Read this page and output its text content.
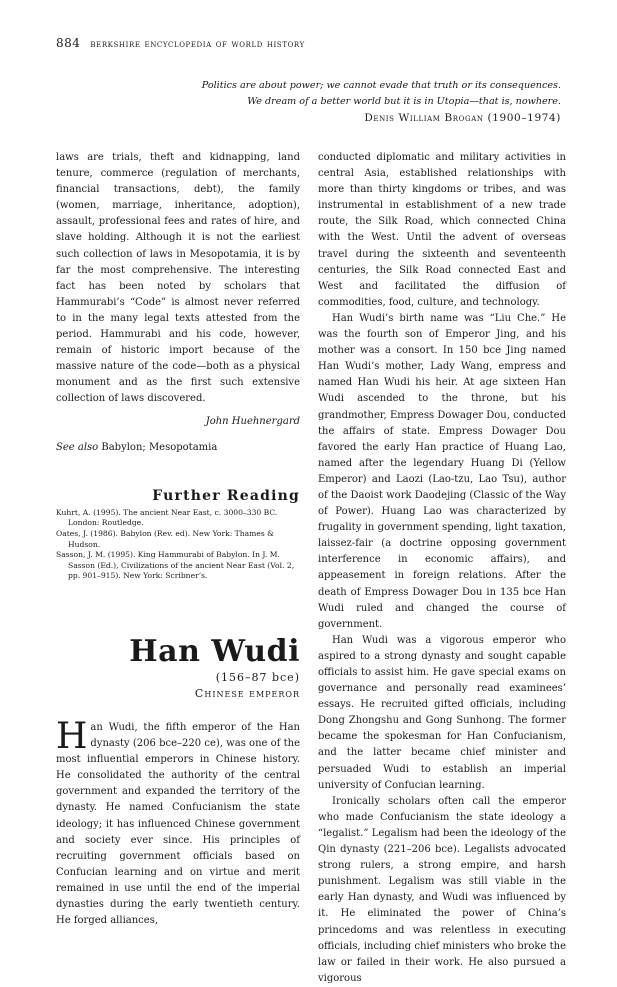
884 berkshire encyclopedia of world history
Politics are about power; we cannot evade that truth or its consequences.
We dream of a better world but it is in Utopia—that is, nowhere.
Denis William Brogan (1900–1974)

laws are trials, theft and kidnapping, land tenure, commerce (regulation of merchants, financial transactions, debt), the family (women, marriage, inheritance, adoption), assault, professional fees and rates of hire, and slave holding. Although it is not the earliest such collection of laws in Mesopotamia, it is by far the most comprehensive. The interesting fact has been noted by scholars that Hammurabi’s “Code” is almost never referred to in the many legal texts attested from the period. Hammurabi and his code, however, remain of historic import because of the massive nature of the code—both as a physical monument and as the first such extensive collection of laws discovered.

John Huehnergard

See also Babylon; Mesopotamia

Further Reading

Kuhrt, A. (1995). The ancient Near East, c. 3000–330 BC. London: Routledge.

Oates, J. (1986). Babylon (Rev. ed). New York: Thames & Hudson.

Sasson, J. M. (1995). King Hammurabi of Babylon. In J. M. Sasson (Ed.), Civilizations of the ancient Near East (Vol. 2, pp. 901–915). New York: Scribner’s.

Han Wudi

(156–87 bce)

Chinese emperor

H an Wudi, the fifth emperor of the Han dynasty (206 bce–220 ce), was one of the most influential emperors in Chinese history. He consolidated the authority of the central government and expanded the territory of the dynasty. He named Confucianism the state ideology; it has influenced Chinese government and society ever since. His principles of recruiting government officials based on Confucian learning and on virtue and merit remained in use until the end of the imperial dynasties during the early twentieth century. He forged alliances,

conducted diplomatic and military activities in central Asia, established relationships with more than thirty kingdoms or tribes, and was instrumental in establishment of a new trade route, the Silk Road, which connected China with the West. Until the advent of overseas travel during the sixteenth and seventeenth centuries, the Silk Road connected East and West and facilitated the diffusion of commodities, food, culture, and technology.

Han Wudi’s birth name was “Liu Che.” He was the fourth son of Emperor Jing, and his mother was a consort. In 150 bce Jing named Han Wudi’s mother, Lady Wang, empress and named Han Wudi his heir. At age sixteen Han Wudi ascended to the throne, but his grandmother, Empress Dowager Dou, conducted the affairs of state. Empress Dowager Dou favored the early Han practice of Huang Lao, named after the legendary Huang Di (Yellow Emperor) and Laozi (Lao-tzu, Lao Tsu), author of the Daoist work Daodejing (Classic of the Way of Power). Huang Lao was characterized by frugality in government spending, light taxation, laissez-fair (a doctrine opposing government interference in economic affairs), and appeasement in foreign relations. After the death of Empress Dowager Dou in 135 bce Han Wudi ruled and changed the course of government.

Han Wudi was a vigorous emperor who aspired to a strong dynasty and sought capable officials to assist him. He gave special exams on governance and personally read examinees’ essays. He recruited gifted officials, including Dong Zhongshu and Gong Sunhong. The former became the spokesman for Han Confucianism, and the latter became chief minister and persuaded Wudi to establish an imperial university of Confucian learning.

Ironically scholars often call the emperor who made Confucianism the state ideology a “legalist.” Legalism had been the ideology of the Qin dynasty (221–206 bce). Legalists advocated strong rulers, a strong empire, and harsh punishment. Legalism was still viable in the early Han dynasty, and Wudi was influenced by it. He eliminated the power of China’s princedoms and was relentless in executing officials, including chief ministers who broke the law or failed in their work. He also pursued a vigorous
